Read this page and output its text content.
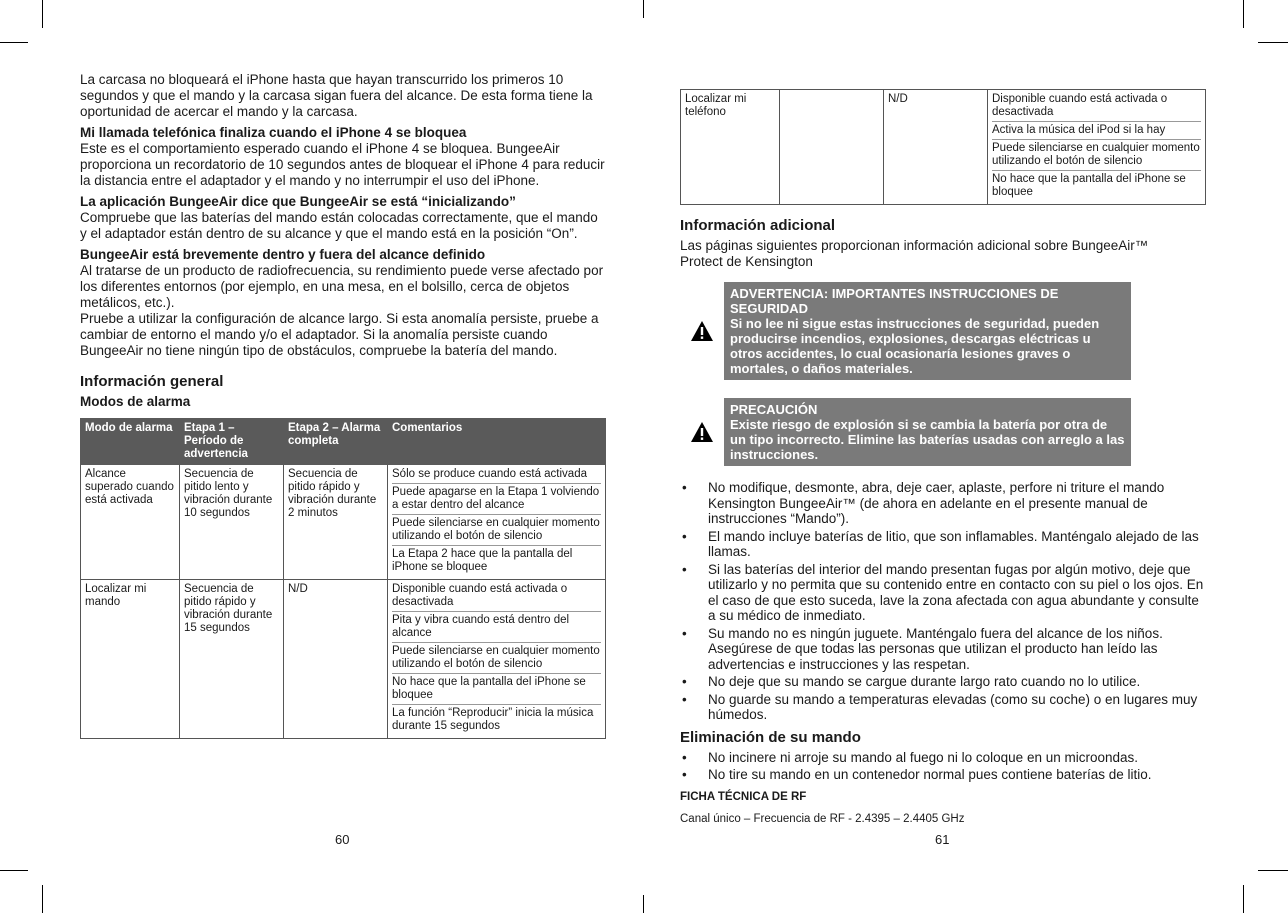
La carcasa no bloqueará el iPhone hasta que hayan transcurrido los primeros 10 segundos y que el mando y la carcasa sigan fuera del alcance. De esta forma tiene la oportunidad de acercar el mando y la carcasa.

Mi llamada telefónica finaliza cuando el iPhone 4 se bloquea

Este es el comportamiento esperado cuando el iPhone 4 se bloquea. BungeeAir proporciona un recordatorio de 10 segundos antes de bloquear el iPhone 4 para reducir la distancia entre el adaptador y el mando y no interrumpir el uso del iPhone.

La aplicación BungeeAir dice que BungeeAir se está “inicializando”

Compruebe que las baterías del mando están colocadas correctamente, que el mando y el adaptador están dentro de su alcance y que el mando está en la posición “On”.

BungeeAir está brevemente dentro y fuera del alcance definido

Al tratarse de un producto de radiofrecuencia, su rendimiento puede verse afectado por los diferentes entornos (por ejemplo, en una mesa, en el bolsillo, cerca de objetos metálicos, etc.).

Pruebe a utilizar la configuración de alcance largo. Si esta anomalía persiste, pruebe a cambiar de entorno el mando y/o el adaptador. Si la anomalía persiste cuando BungeeAir no tiene ningún tipo de obstáculos, compruebe la batería del mando.

Información general

Modos de alarma

Modo de alarma	Etapa 1 – Período de advertencia	Etapa 2 – Alarma completa	Comentarios
Alcance superado cuando está activada	Secuencia de pitido lento y vibración durante 10 segundos	Secuencia de pitido rápido y vibración durante 2 minutos	Sólo se produce cuando está activada
Puede apagarse en la Etapa 1 volviendo a estar dentro del alcance
Puede silenciarse en cualquier momento utilizando el botón de silencio
La Etapa 2 hace que la pantalla del iPhone se bloquee

Localizar mi mando	Secuencia de pitido rápido y vibración durante 15 segundos	N/D	Disponible cuando está activada o desactivada
Pita y vibra cuando está dentro del alcance
Puede silenciarse en cualquier momento utilizando el botón de silencio
No hace que la pantalla del iPhone se bloquee
La función “Reproducir” inicia la música durante 15 segundos
60
Localizar mi teléfono		N/D	Disponible cuando está activada o desactivada
Activa la música del iPod si la hay
Puede silenciarse en cualquier momento utilizando el botón de silencio
No hace que la pantalla del iPhone se bloquee

Información adicional

Las páginas siguientes proporcionan información adicional sobre BungeeAir™ Protect de Kensington

ADVERTENCIA: IMPORTANTES INSTRUCCIONES DE SEGURIDAD
Si no lee ni sigue estas instrucciones de seguridad, pueden producirse incendios, explosiones, descargas eléctricas u otros accidentes, lo cual ocasionaría lesiones graves o mortales, o daños materiales.
PRECAUCIÓN
Existe riesgo de explosión si se cambia la batería por otra de un tipo incorrecto. Elimine las baterías usadas con arreglo a las instrucciones.
• No modifique, desmonte, abra, deje caer, aplaste, perfore ni triture el mando Kensington BungeeAir™ (de ahora en adelante en el presente manual de instrucciones “Mando”).
• El mando incluye baterías de litio, que son inflamables. Manténgalo alejado de las llamas.
• Si las baterías del interior del mando presentan fugas por algún motivo, deje que utilizarlo y no permita que su contenido entre en contacto con su piel o los ojos. En el caso de que esto suceda, lave la zona afectada con agua abundante y consulte a su médico de inmediato.
• Su mando no es ningún juguete. Manténgalo fuera del alcance de los niños. Asegúrese de que todas las personas que utilizan el producto han leído las advertencias e instrucciones y las respetan.
• No deje que su mando se cargue durante largo rato cuando no lo utilice.
• No guarde su mando a temperaturas elevadas (como su coche) o en lugares muy húmedos.

Eliminación de su mando

• No incinere ni arroje su mando al fuego ni lo coloque en un microondas.
• No tire su mando en un contenedor normal pues contiene baterías de litio.

FICHA TÉCNICA DE RF

Canal único – Frecuencia de RF - 2.4395 – 2.4405 GHz

61
